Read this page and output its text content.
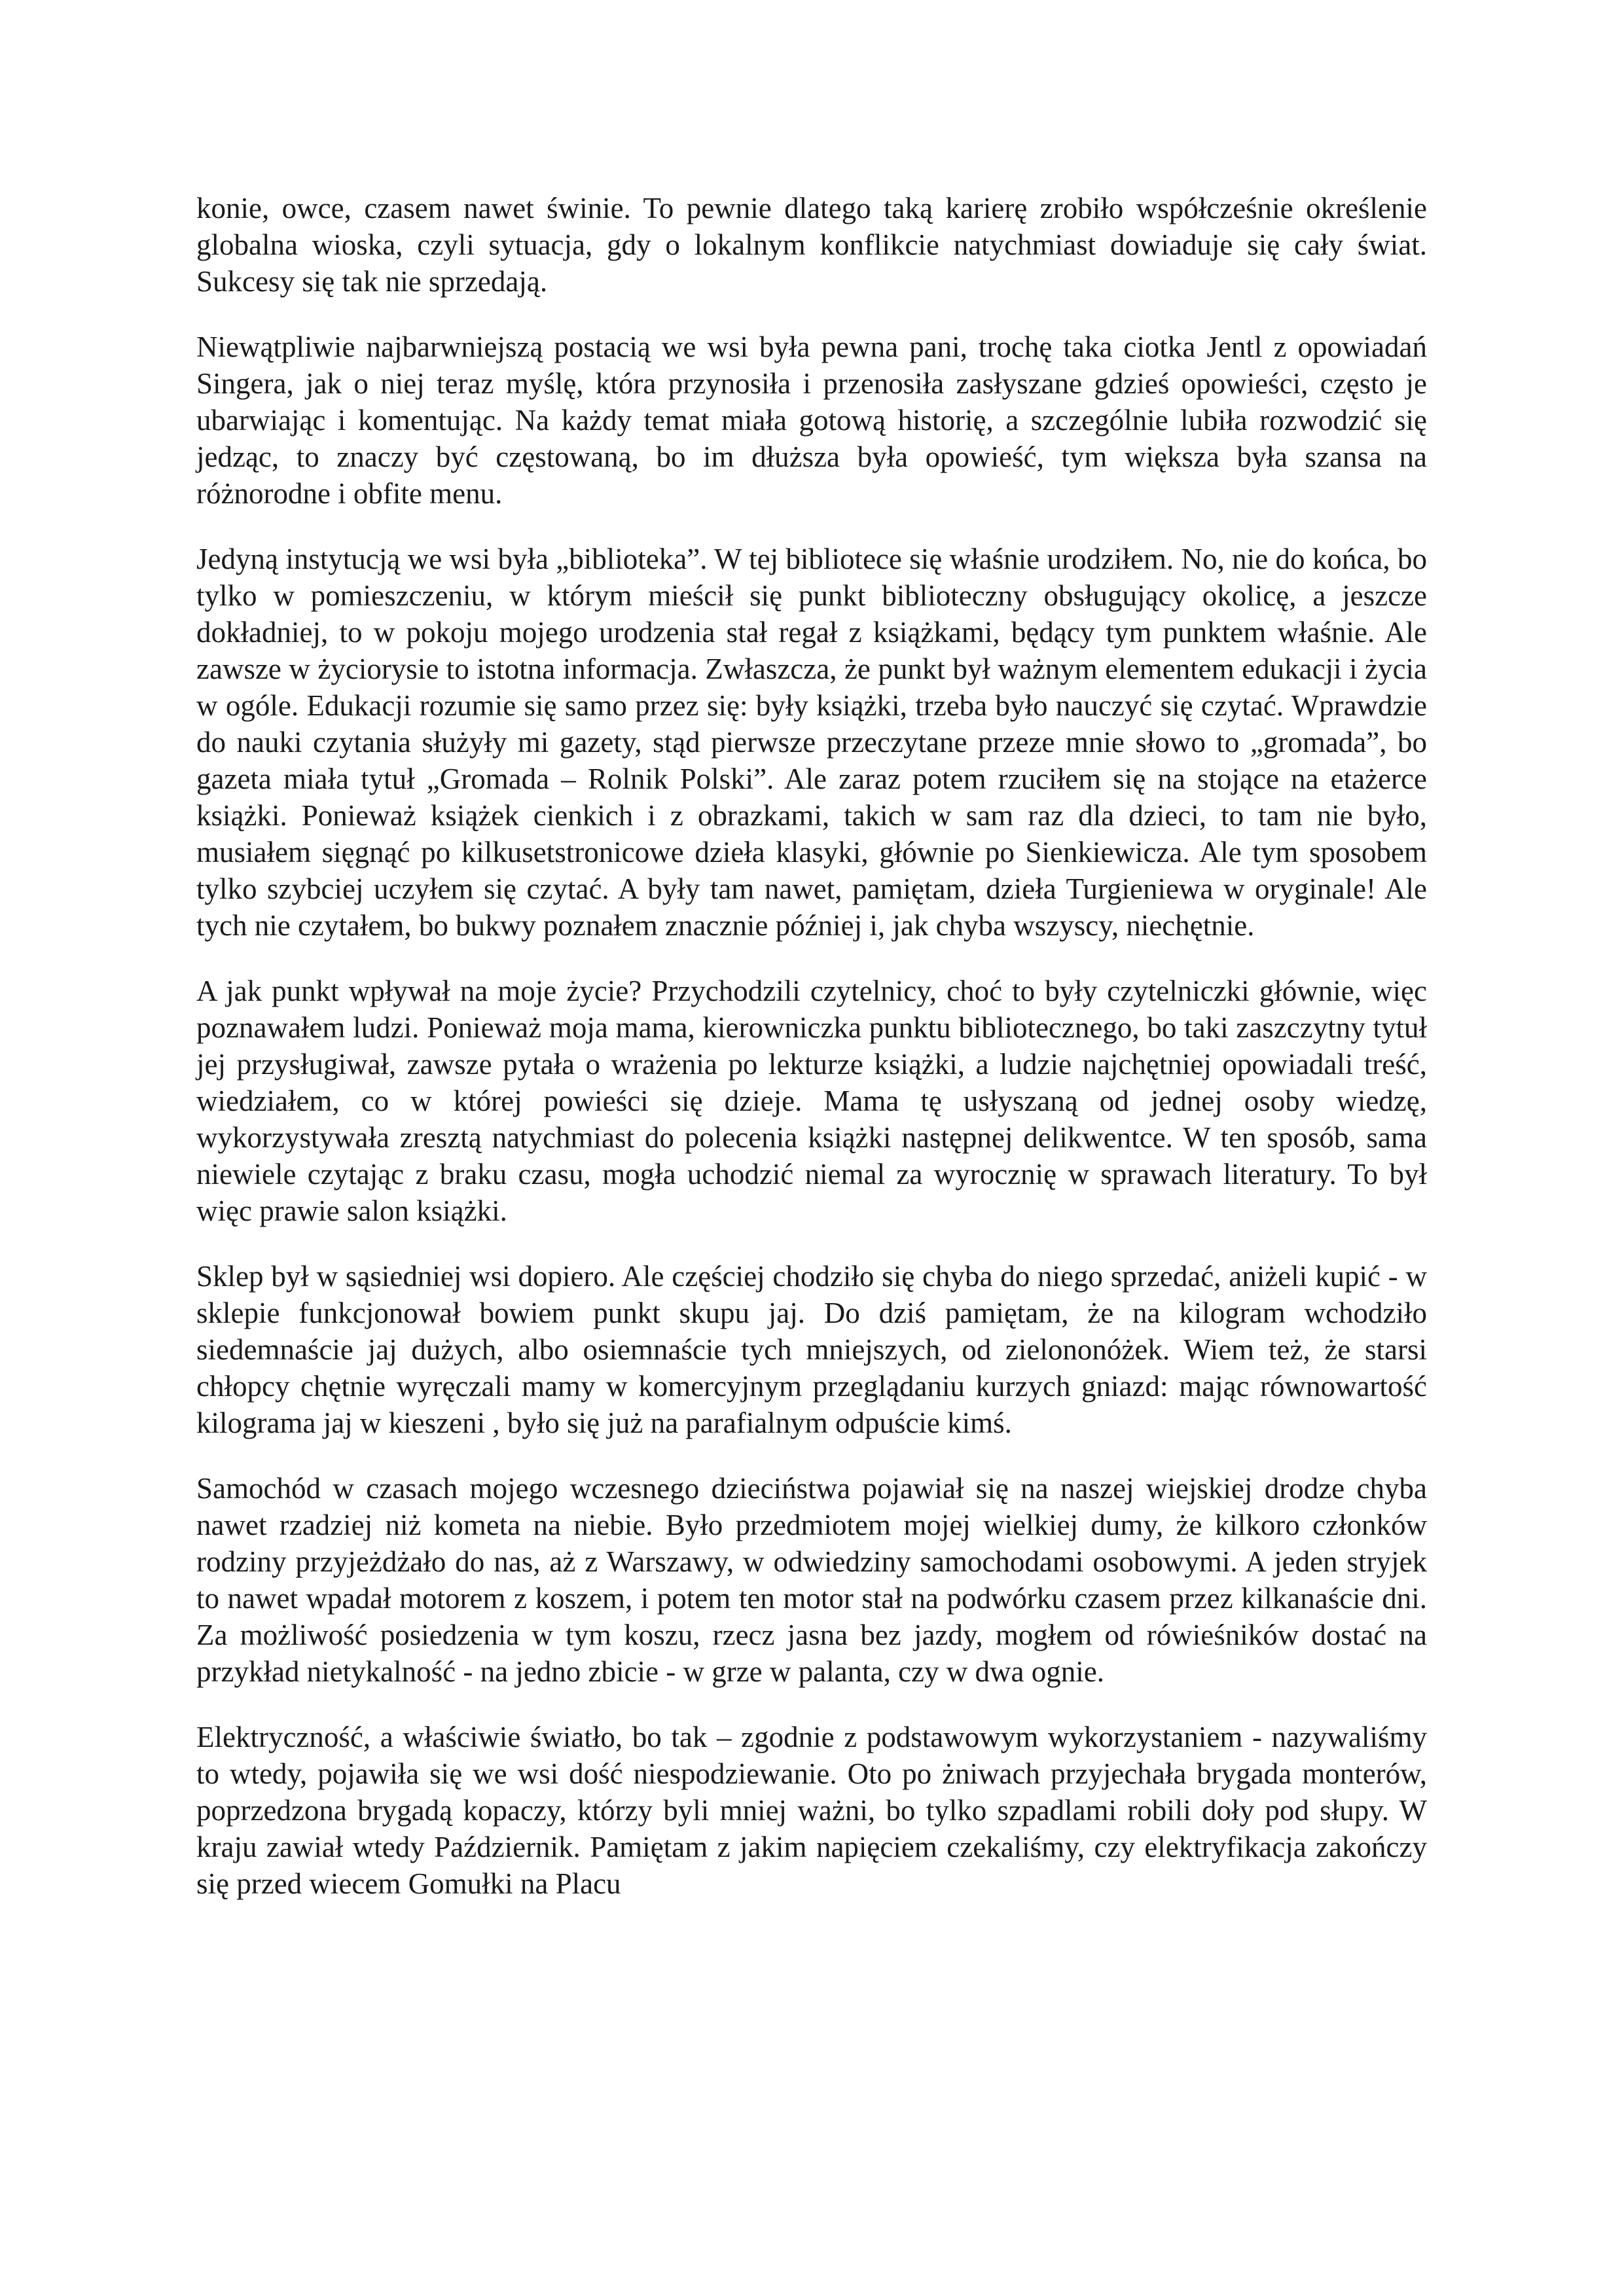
konie, owce, czasem nawet świnie. To pewnie dlatego taką karierę zrobiło współcześnie określenie globalna wioska, czyli sytuacja, gdy o lokalnym konflikcie natychmiast dowiaduje się cały świat. Sukcesy się tak nie sprzedają.

Niewątpliwie najbarwniejszą postacią we wsi była pewna pani, trochę taka ciotka Jentl z opowiadań Singera, jak o niej teraz myślę, która przynosiła i przenosiła zasłyszane gdzieś opowieści, często je ubarwiając i komentując. Na każdy temat miała gotową historię, a szczególnie lubiła rozwodzić się jedząc, to znaczy być częstowaną, bo im dłuższa była opowieść, tym większa była szansa na różnorodne i obfite menu.

Jedyną instytucją we wsi była „biblioteka”. W tej bibliotece się właśnie urodziłem. No, nie do końca, bo tylko w pomieszczeniu, w którym mieścił się punkt biblioteczny obsługujący okolicę, a jeszcze dokładniej, to w pokoju mojego urodzenia stał regał z książkami, będący tym punktem właśnie. Ale zawsze w życiorysie to istotna informacja. Zwłaszcza, że punkt był ważnym elementem edukacji i życia w ogóle. Edukacji rozumie się samo przez się: były książki, trzeba było nauczyć się czytać. Wprawdzie do nauki czytania służyły mi gazety, stąd pierwsze przeczytane przeze mnie słowo to „gromada”, bo gazeta miała tytuł „Gromada – Rolnik Polski”. Ale zaraz potem rzuciłem się na stojące na etażerce książki. Ponieważ książek cienkich i z obrazkami, takich w sam raz dla dzieci, to tam nie było, musiałem sięgnąć po kilkusetstronicowe dzieła klasyki, głównie po Sienkiewicza. Ale tym sposobem tylko szybciej uczyłem się czytać. A były tam nawet, pamiętam, dzieła Turgieniewa w oryginale! Ale tych nie czytałem, bo bukwy poznałem znacznie później i, jak chyba wszyscy, niechętnie.

A jak punkt wpływał na moje życie? Przychodzili czytelnicy, choć to były czytelniczki głównie, więc poznawałem ludzi. Ponieważ moja mama, kierowniczka punktu bibliotecznego, bo taki zaszczytny tytuł jej przysługiwał, zawsze pytała o wrażenia po lekturze książki, a ludzie najchętniej opowiadali treść, wiedziałem, co w której powieści się dzieje. Mama tę usłyszaną od jednej osoby wiedzę, wykorzystywała zresztą natychmiast do polecenia książki następnej delikwentce. W ten sposób, sama niewiele czytając z braku czasu, mogła uchodzić niemal za wyrocznię w sprawach literatury. To był więc prawie salon książki.

Sklep był w sąsiedniej wsi dopiero. Ale częściej chodziło się chyba do niego sprzedać, aniżeli kupić - w sklepie funkcjonował bowiem punkt skupu jaj. Do dziś pamiętam, że na kilogram wchodziło siedemnaście jaj dużych, albo osiemnaście tych mniejszych, od zielononóżek. Wiem też, że starsi chłopcy chętnie wyręczali mamy w komercyjnym przeglądaniu kurzych gniazd: mając równowartość kilograma jaj w kieszeni , było się już na parafialnym odpuście kimś.

Samochód w czasach mojego wczesnego dzieciństwa pojawiał się na naszej wiejskiej drodze chyba nawet rzadziej niż kometa na niebie. Było przedmiotem mojej wielkiej dumy, że kilkoro członków rodziny przyjeżdżało do nas, aż z Warszawy, w odwiedziny samochodami osobowymi. A jeden stryjek to nawet wpadał motorem z koszem, i potem ten motor stał na podwórku czasem przez kilkanaście dni. Za możliwość posiedzenia w tym koszu, rzecz jasna bez jazdy, mogłem od rówieśników dostać na przykład nietykalność - na jedno zbicie - w grze w palanta, czy w dwa ognie.

Elektryczność, a właściwie światło, bo tak – zgodnie z podstawowym wykorzystaniem - nazywaliśmy to wtedy, pojawiła się we wsi dość niespodziewanie. Oto po żniwach przyjechała brygada monterów, poprzedzona brygadą kopaczy, którzy byli mniej ważni, bo tylko szpadlami robili doły pod słupy. W kraju zawiał wtedy Październik. Pamiętam z jakim napięciem czekaliśmy, czy elektryfikacja zakończy się przed wiecem Gomułki na Placu
